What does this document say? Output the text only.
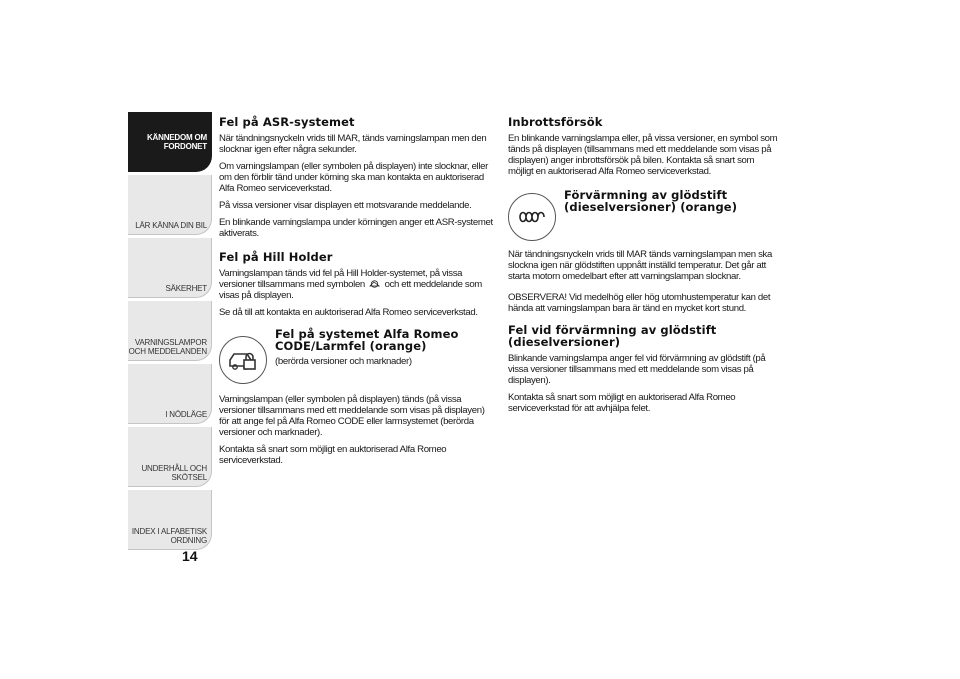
KÄNNEDOM OM
FORDONET
LÄR KÄNNA DIN BIL
SÄKERHET
VARNINGSLAMPOR
OCH MEDDELANDEN
I NÖDLÄGE
UNDERHÅLL OCH
SKÖTSEL
INDEX I ALFABETISK
ORDNING
14
Fel på ASR-systemet

När tändningsnyckeln vrids till MAR, tänds varningslampan men den slocknar igen efter några sekunder.

Om varningslampan (eller symbolen på displayen) inte slocknar, eller om den förblir tänd under körning ska man kontakta en auktoriserad Alfa Romeo serviceverkstad.

På vissa versioner visar displayen ett motsvarande meddelande.

En blinkande varningslampa under körningen anger ett ASR-systemet aktiverats.

Fel på Hill Holder

Varningslampan tänds vid fel på Hill Holder-systemet, på vissa versioner tillsammans med symbolen och ett meddelande som visas på displayen.

Se då till att kontakta en auktoriserad Alfa Romeo serviceverkstad.

Fel på systemet Alfa Romeo CODE/Larmfel (orange)

(berörda versioner och marknader)

Varningslampan (eller symbolen på displayen) tänds (på vissa versioner tillsammans med ett meddelande som visas på displayen) för att ange fel på Alfa Romeo CODE eller larmsystemet (berörda versioner och marknader).

Kontakta så snart som möjligt en auktoriserad Alfa Romeo serviceverkstad.

Inbrottsförsök

En blinkande varningslampa eller, på vissa versioner, en symbol som tänds på displayen (tillsammans med ett meddelande som visas på displayen) anger inbrottsförsök på bilen. Kontakta så snart som möjligt en auktoriserad Alfa Romeo serviceverkstad.

Förvärmning av glödstift (dieselversioner) (orange)

När tändningsnyckeln vrids till MAR tänds varningslampan men ska slockna igen när glödstiften uppnått inställd temperatur. Det går att starta motorn omedelbart efter att varningslampan slocknar.

OBSERVERA! Vid medelhög eller hög utomhustemperatur kan det hända att varningslampan bara är tänd en mycket kort stund.

Fel vid förvärmning av glödstift (dieselversioner)

Blinkande varningslampa anger fel vid förvärmning av glödstift (på vissa versioner tillsammans med ett meddelande som visas på displayen).

Kontakta så snart som möjligt en auktoriserad Alfa Romeo serviceverkstad för att avhjälpa felet.
